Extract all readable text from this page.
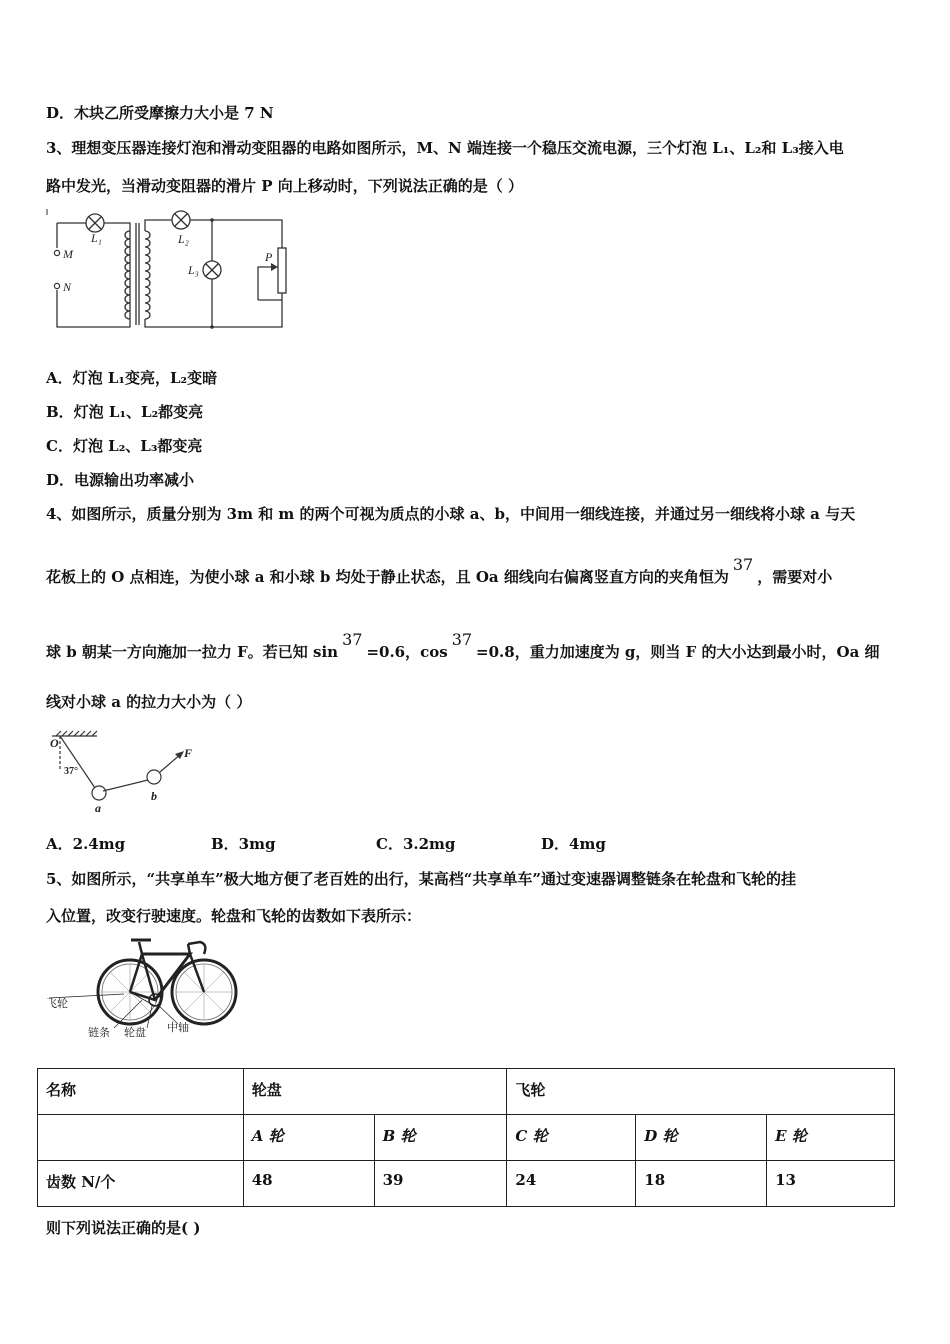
D．木块乙所受摩擦力大小是 7 N
3、理想变压器连接灯泡和滑动变阻器的电路如图所示，M、N 端连接一个稳压交流电源，三个灯泡 L₁、L₂和 L₃接入电
路中发光，当滑动变阻器的滑片 P 向上移动时，下列说法正确的是（ ）
M
N
L₁	L₂
L₃
P
A．灯泡 L₁变亮，L₂变暗
B．灯泡 L₁、L₂都变亮
C．灯泡 L₂、L₃都变亮
D．电源输出功率减小
4、如图所示，质量分别为 3m 和 m 的两个可视为质点的小球 a、b，中间用一细线连接，并通过另一细线将小球 a 与天
花板上的 O 点相连，为使小球 a 和小球 b 均处于静止状态，且 Oa 细线向右偏离竖直方向的夹角恒为37，需要对小
球 b 朝某一方向施加一拉力 F。若已知 sin37=0.6，cos37=0.8，重力加速度为 g，则当 F 的大小达到最小时，Oa 细
线对小球 a 的拉力大小为（ ）
O
37°
a
b
F
A．2.4mg	B．3mg	C．3.2mg	D．4mg
5、如图所示，“共享单车”极大地方便了老百姓的出行，某高档“共享单车”通过变速器调整链条在轮盘和飞轮的挂
入位置，改变行驶速度。轮盘和飞轮的齿数如下表所示：
飞轮
链条 轮盘 中轴
名称	轮盘		飞轮		
	A 轮	B 轮	C 轮	D 轮	E 轮
齿数 N/个	48	39	24	18	13
则下列说法正确的是( )
